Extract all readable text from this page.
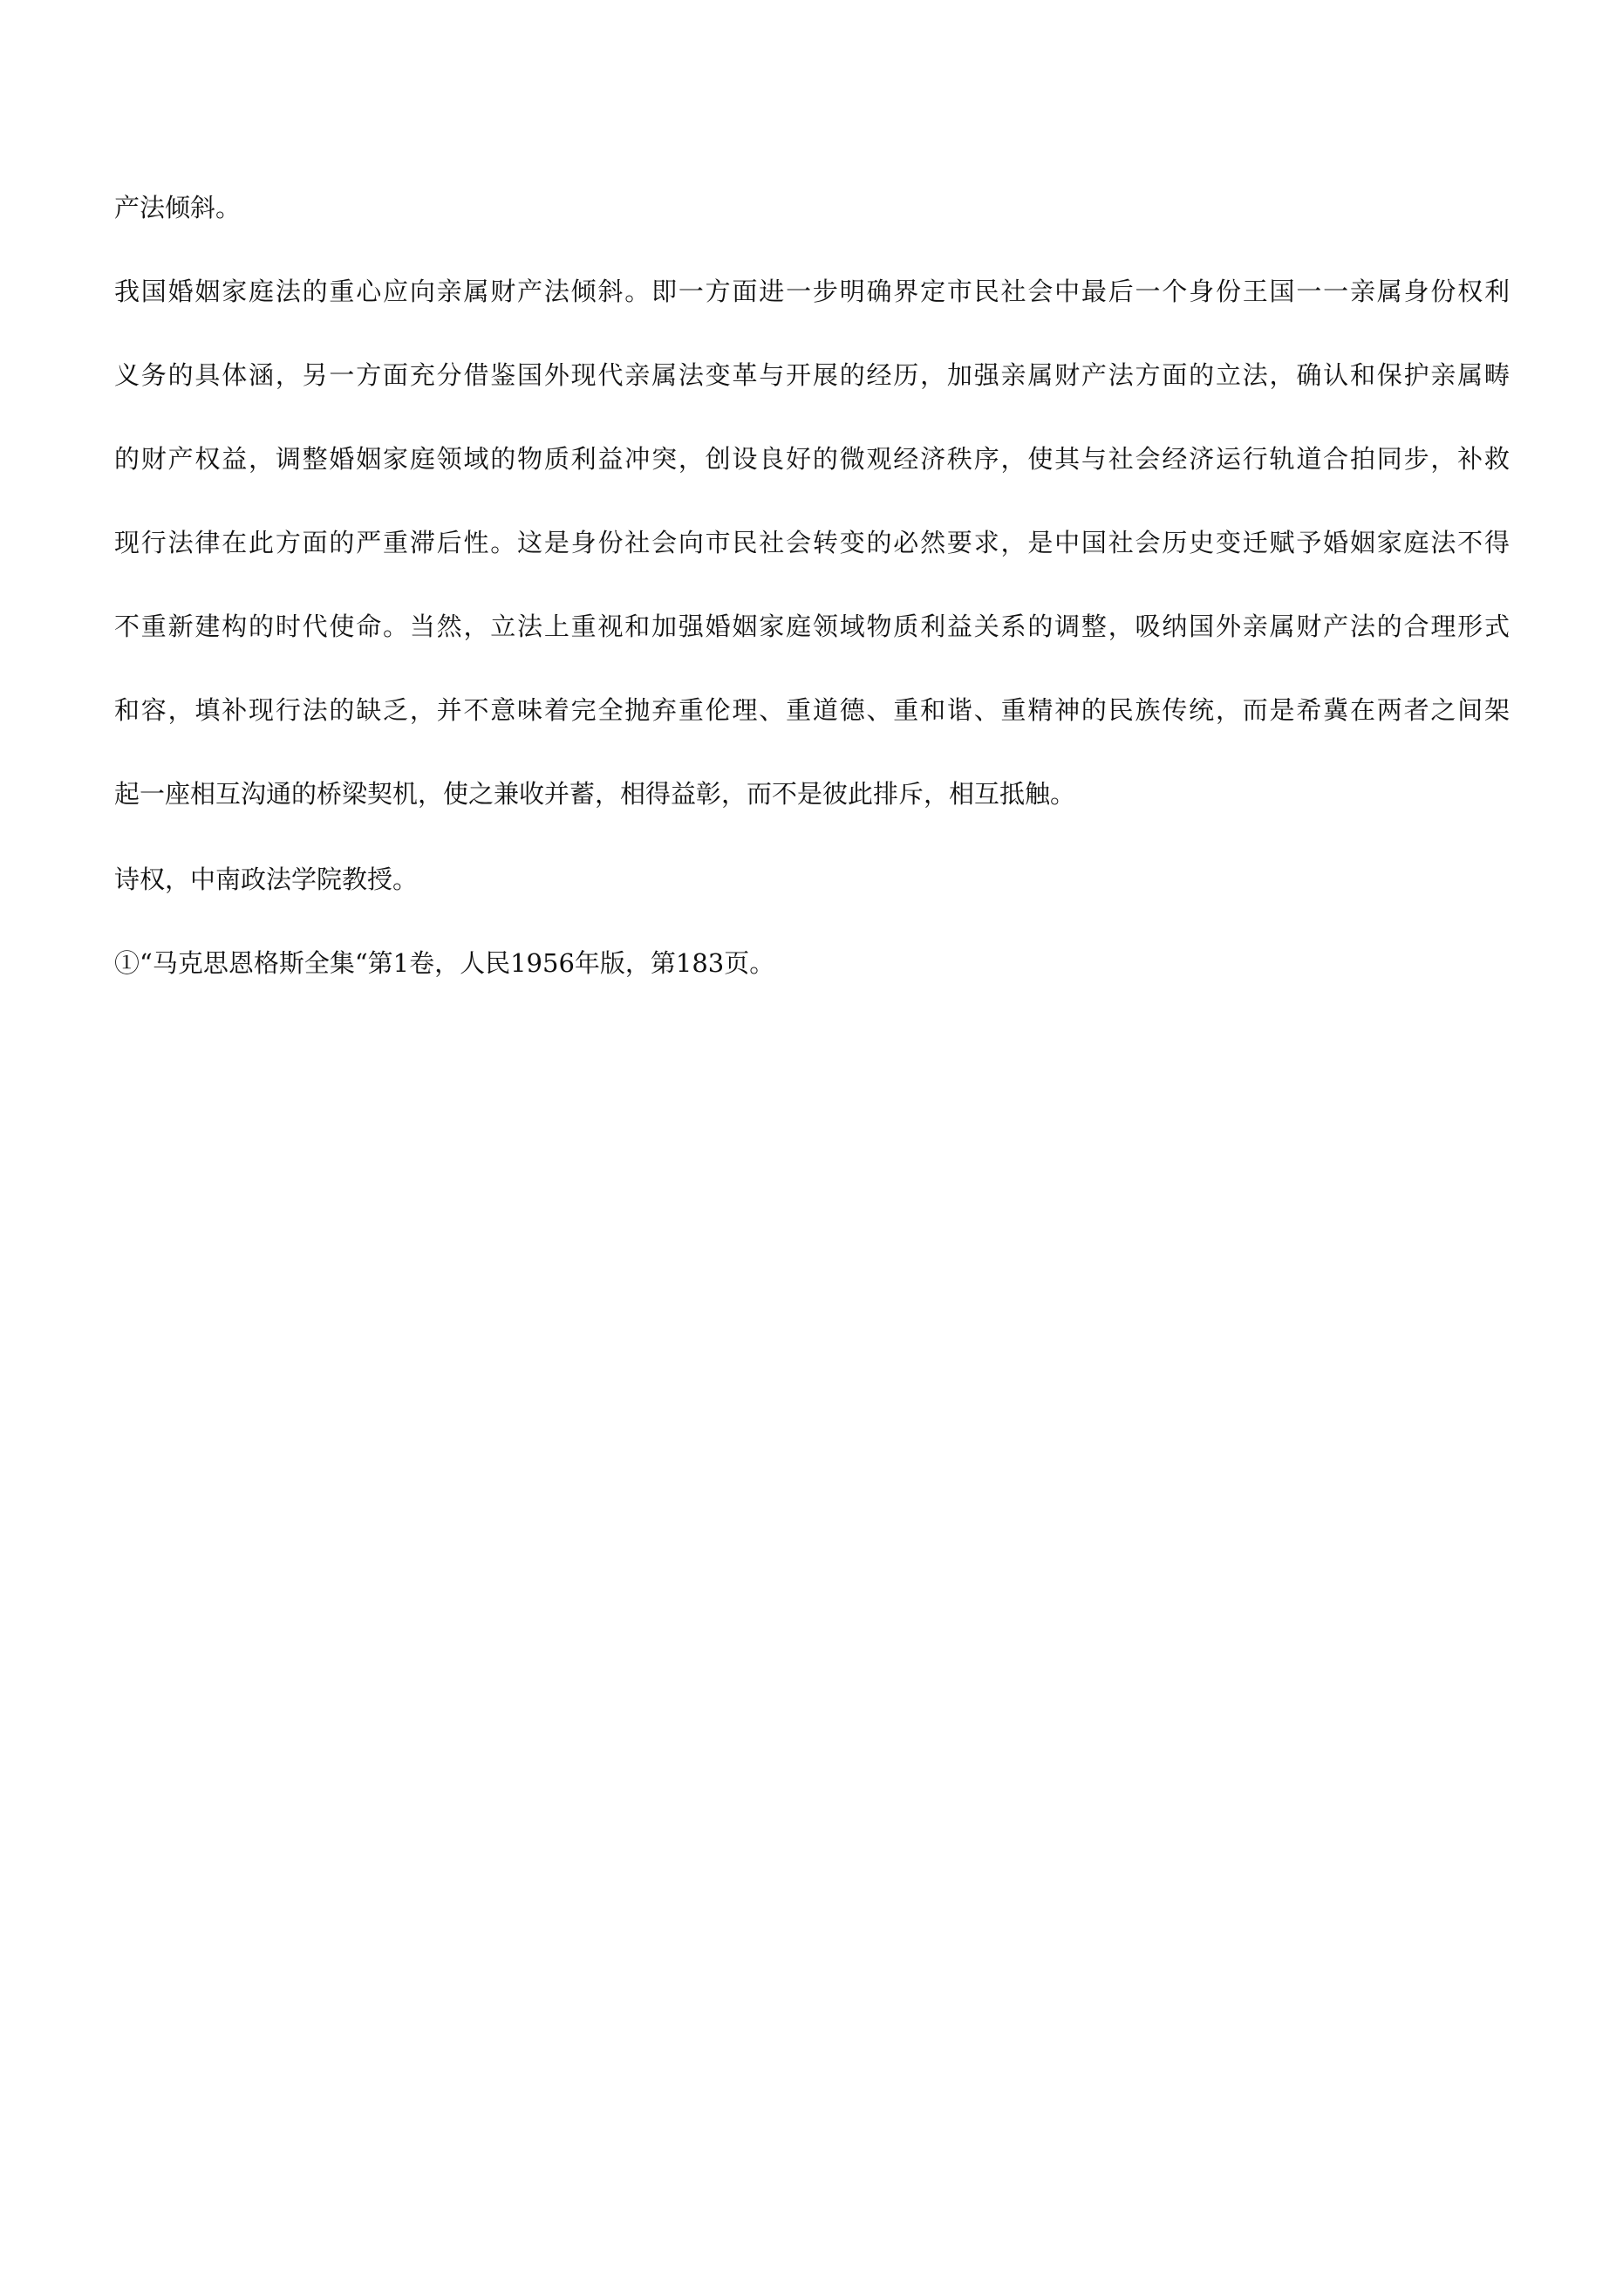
产法倾斜。
我国婚姻家庭法的重心应向亲属财产法倾斜。即一方面进一步明确界定市民社会中最后一个身份王国一一亲属身份权利
义务的具体涵，另一方面充分借鉴国外现代亲属法变革与开展的经历，加强亲属财产法方面的立法，确认和保护亲属畴
的财产权益，调整婚姻家庭领域的物质利益冲突，创设良好的微观经济秩序，使其与社会经济运行轨道合拍同步，补救
现行法律在此方面的严重滞后性。这是身份社会向市民社会转变的必然要求，是中国社会历史变迁赋予婚姻家庭法不得
不重新建构的时代使命。当然，立法上重视和加强婚姻家庭领域物质利益关系的调整，吸纳国外亲属财产法的合理形式
和容，填补现行法的缺乏，并不意味着完全抛弃重伦理、重道德、重和谐、重精神的民族传统，而是希冀在两者之间架
起一座相互沟通的桥梁契机，使之兼收并蓄，相得益彰，而不是彼此排斥，相互抵触。
诗权，中南政法学院教授。
①“马克思恩格斯全集“第1卷，人民1956年版，第183页。
